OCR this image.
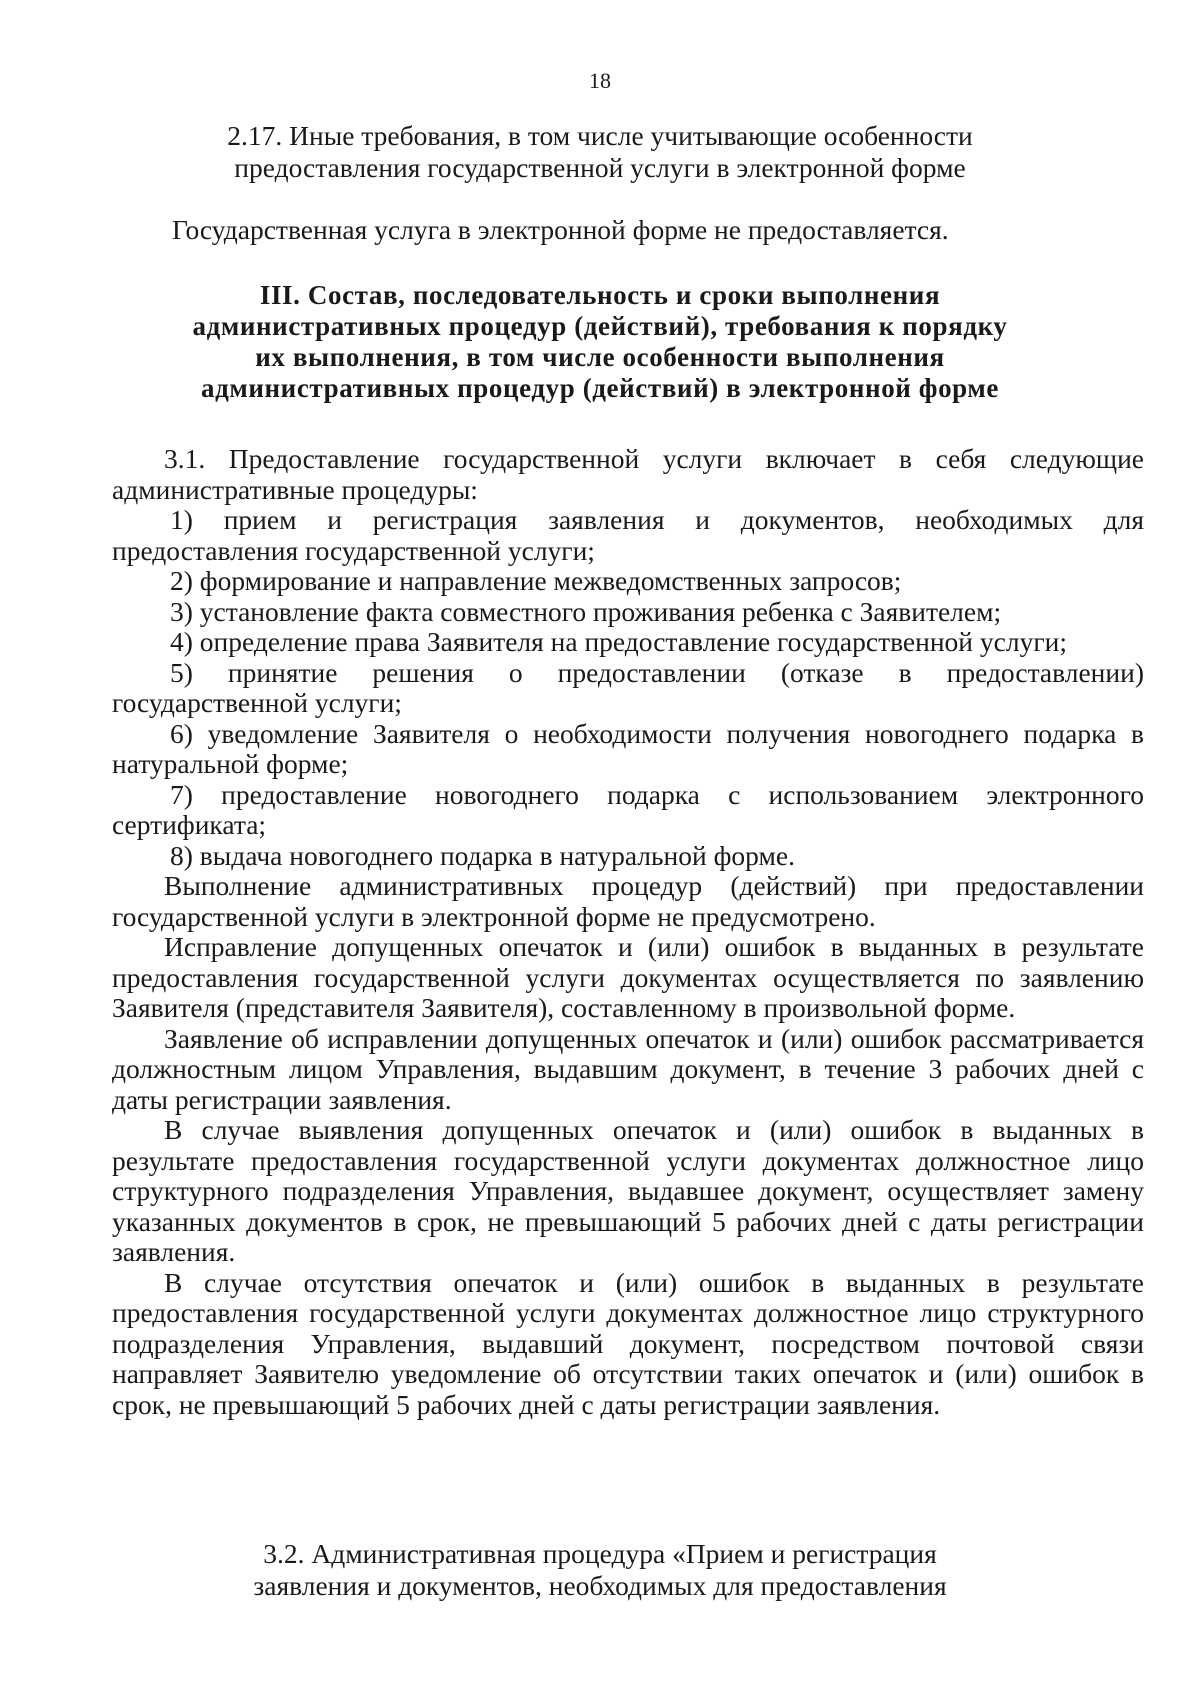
18
2.17. Иные требования, в том числе учитывающие особенности
предоставления государственной услуги в электронной форме
Государственная услуга в электронной форме не предоставляется.
III. Состав, последовательность и сроки выполнения
административных процедур (действий), требования к порядку
их выполнения, в том числе особенности выполнения
административных процедур (действий) в электронной форме

3.1. Предоставление государственной услуги включает в себя следующие административные процедуры:

1) прием и регистрация заявления и документов, необходимых для предоставления государственной услуги;

2) формирование и направление межведомственных запросов;

3) установление факта совместного проживания ребенка с Заявителем;

4) определение права Заявителя на предоставление государственной услуги;

5) принятие решения о предоставлении (отказе в предоставлении) государственной услуги;

6) уведомление Заявителя о необходимости получения новогоднего подарка в натуральной форме;

7) предоставление новогоднего подарка с использованием электронного сертификата;

8) выдача новогоднего подарка в натуральной форме.

Выполнение административных процедур (действий) при предоставлении государственной услуги в электронной форме не предусмотрено.

Исправление допущенных опечаток и (или) ошибок в выданных в результате предоставления государственной услуги документах осуществляется по заявлению Заявителя (представителя Заявителя), составленному в произвольной форме.

Заявление об исправлении допущенных опечаток и (или) ошибок рассматривается должностным лицом Управления, выдавшим документ, в течение 3 рабочих дней с даты регистрации заявления.

В случае выявления допущенных опечаток и (или) ошибок в выданных в результате предоставления государственной услуги документах должностное лицо структурного подразделения Управления, выдавшее документ, осуществляет замену указанных документов в срок, не превышающий 5 рабочих дней с даты регистрации заявления.

В случае отсутствия опечаток и (или) ошибок в выданных в результате предоставления государственной услуги документах должностное лицо структурного подразделения Управления, выдавший документ, посредством почтовой связи направляет Заявителю уведомление об отсутствии таких опечаток и (или) ошибок в срок, не превышающий 5 рабочих дней с даты регистрации заявления.

3.2. Административная процедура «Прием и регистрация
заявления и документов, необходимых для предоставления
